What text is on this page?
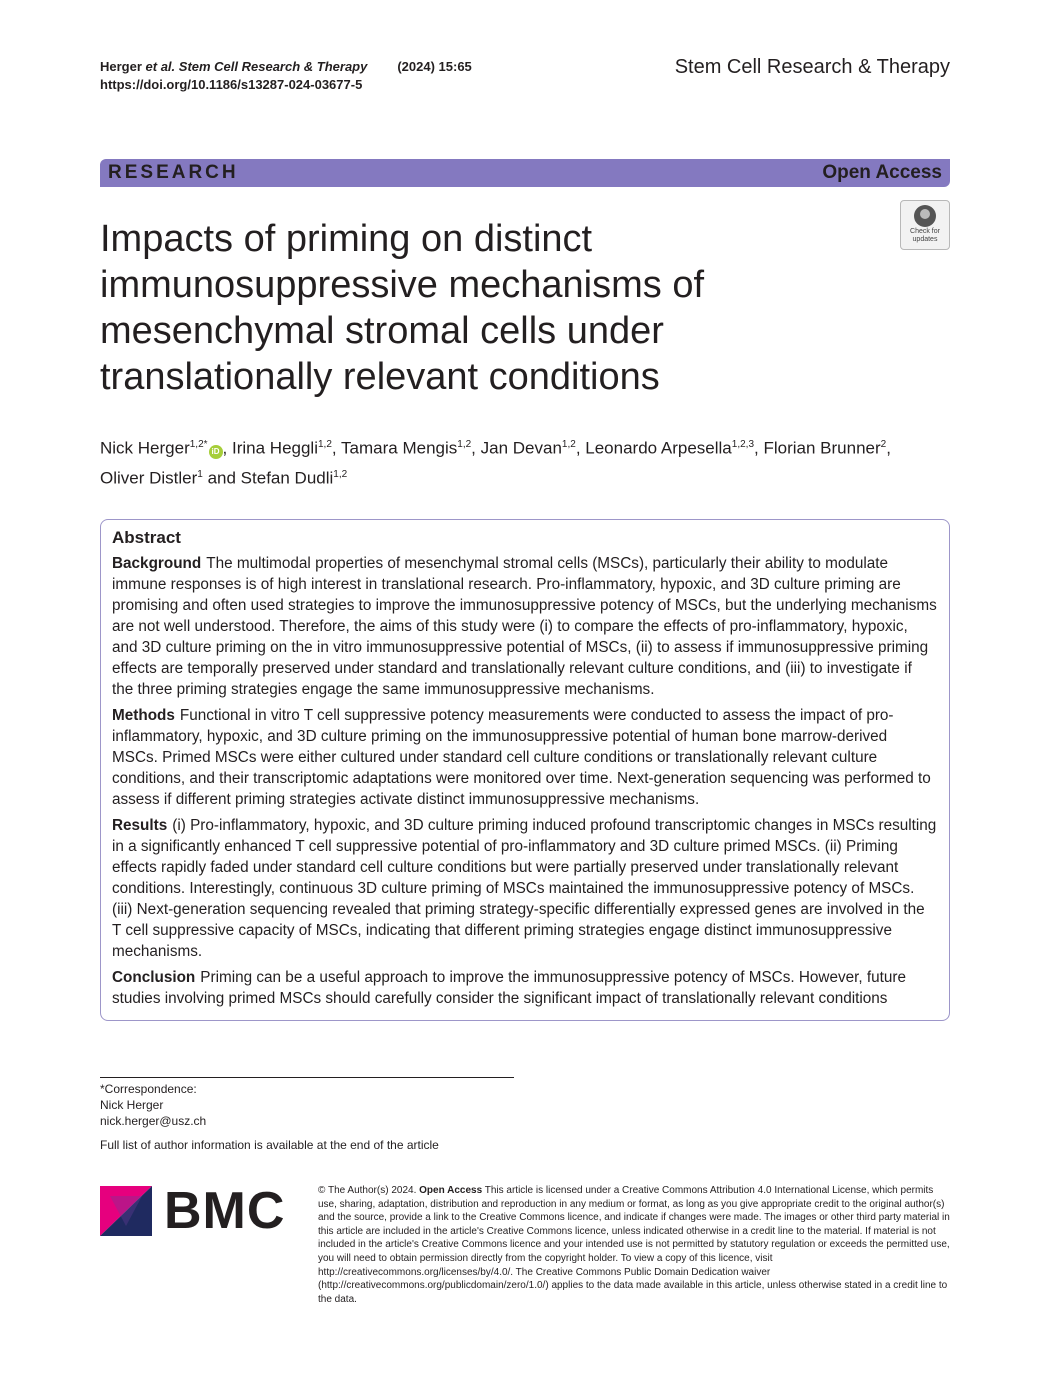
Herger et al. Stem Cell Research & Therapy (2024) 15:65
https://doi.org/10.1186/s13287-024-03677-5
Stem Cell Research & Therapy
RESEARCH	Open Access
Check for
updates
Impacts of priming on distinct immunosuppressive mechanisms of mesenchymal stromal cells under translationally relevant conditions
Nick Herger$^{1,2*}$iD , Irina Heggli$^{1,2}$, Tamara Mengis$^{1,2}$, Jan Devan$^{1,2}$, Leonardo Arpesella$^{1,2,3}$, Florian Brunner$^2$,
Oliver Distler$^1$ and Stefan Dudli$^{1,2}$
Abstract

Background The multimodal properties of mesenchymal stromal cells (MSCs), particularly their ability to modulate immune responses is of high interest in translational research. Pro-inflammatory, hypoxic, and 3D culture priming are promising and often used strategies to improve the immunosuppressive potency of MSCs, but the underlying mechanisms are not well understood. Therefore, the aims of this study were (i) to compare the effects of pro-inflammatory, hypoxic, and 3D culture priming on the in vitro immunosuppressive potential of MSCs, (ii) to assess if immunosuppressive priming effects are temporally preserved under standard and translationally relevant culture conditions, and (iii) to investigate if the three priming strategies engage the same immunosuppressive mechanisms.

Methods Functional in vitro T cell suppressive potency measurements were conducted to assess the impact of pro-inflammatory, hypoxic, and 3D culture priming on the immunosuppressive potential of human bone marrow-derived MSCs. Primed MSCs were either cultured under standard cell culture conditions or translationally relevant culture conditions, and their transcriptomic adaptations were monitored over time. Next-generation sequencing was performed to assess if different priming strategies activate distinct immunosuppressive mechanisms.

Results (i) Pro-inflammatory, hypoxic, and 3D culture priming induced profound transcriptomic changes in MSCs resulting in a significantly enhanced T cell suppressive potential of pro-inflammatory and 3D culture primed MSCs. (ii) Priming effects rapidly faded under standard cell culture conditions but were partially preserved under translationally relevant conditions. Interestingly, continuous 3D culture priming of MSCs maintained the immunosuppressive potency of MSCs. (iii) Next-generation sequencing revealed that priming strategy-specific differentially expressed genes are involved in the T cell suppressive capacity of MSCs, indicating that different priming strategies engage distinct immunosuppressive mechanisms.

Conclusion Priming can be a useful approach to improve the immunosuppressive potency of MSCs. However, future studies involving primed MSCs should carefully consider the significant impact of translationally relevant conditions

*Correspondence:
Nick Herger
nick.herger@usz.ch
Full list of author information is available at the end of the article
BMC	© The Author(s) 2024. Open Access This article is licensed under a Creative Commons Attribution 4.0 International License, which permits use, sharing, adaptation, distribution and reproduction in any medium or format, as long as you give appropriate credit to the original author(s) and the source, provide a link to the Creative Commons licence, and indicate if changes were made. The images or other third party material in this article are included in the article's Creative Commons licence, unless indicated otherwise in a credit line to the material. If material is not included in the article's Creative Commons licence and your intended use is not permitted by statutory regulation or exceeds the permitted use, you will need to obtain permission directly from the copyright holder. To view a copy of this licence, visit http://creativecommons.org/licenses/by/4.0/. The Creative Commons Public Domain Dedication waiver (http://creativecommons.org/publicdomain/zero/1.0/) applies to the data made available in this article, unless otherwise stated in a credit line to the data.
